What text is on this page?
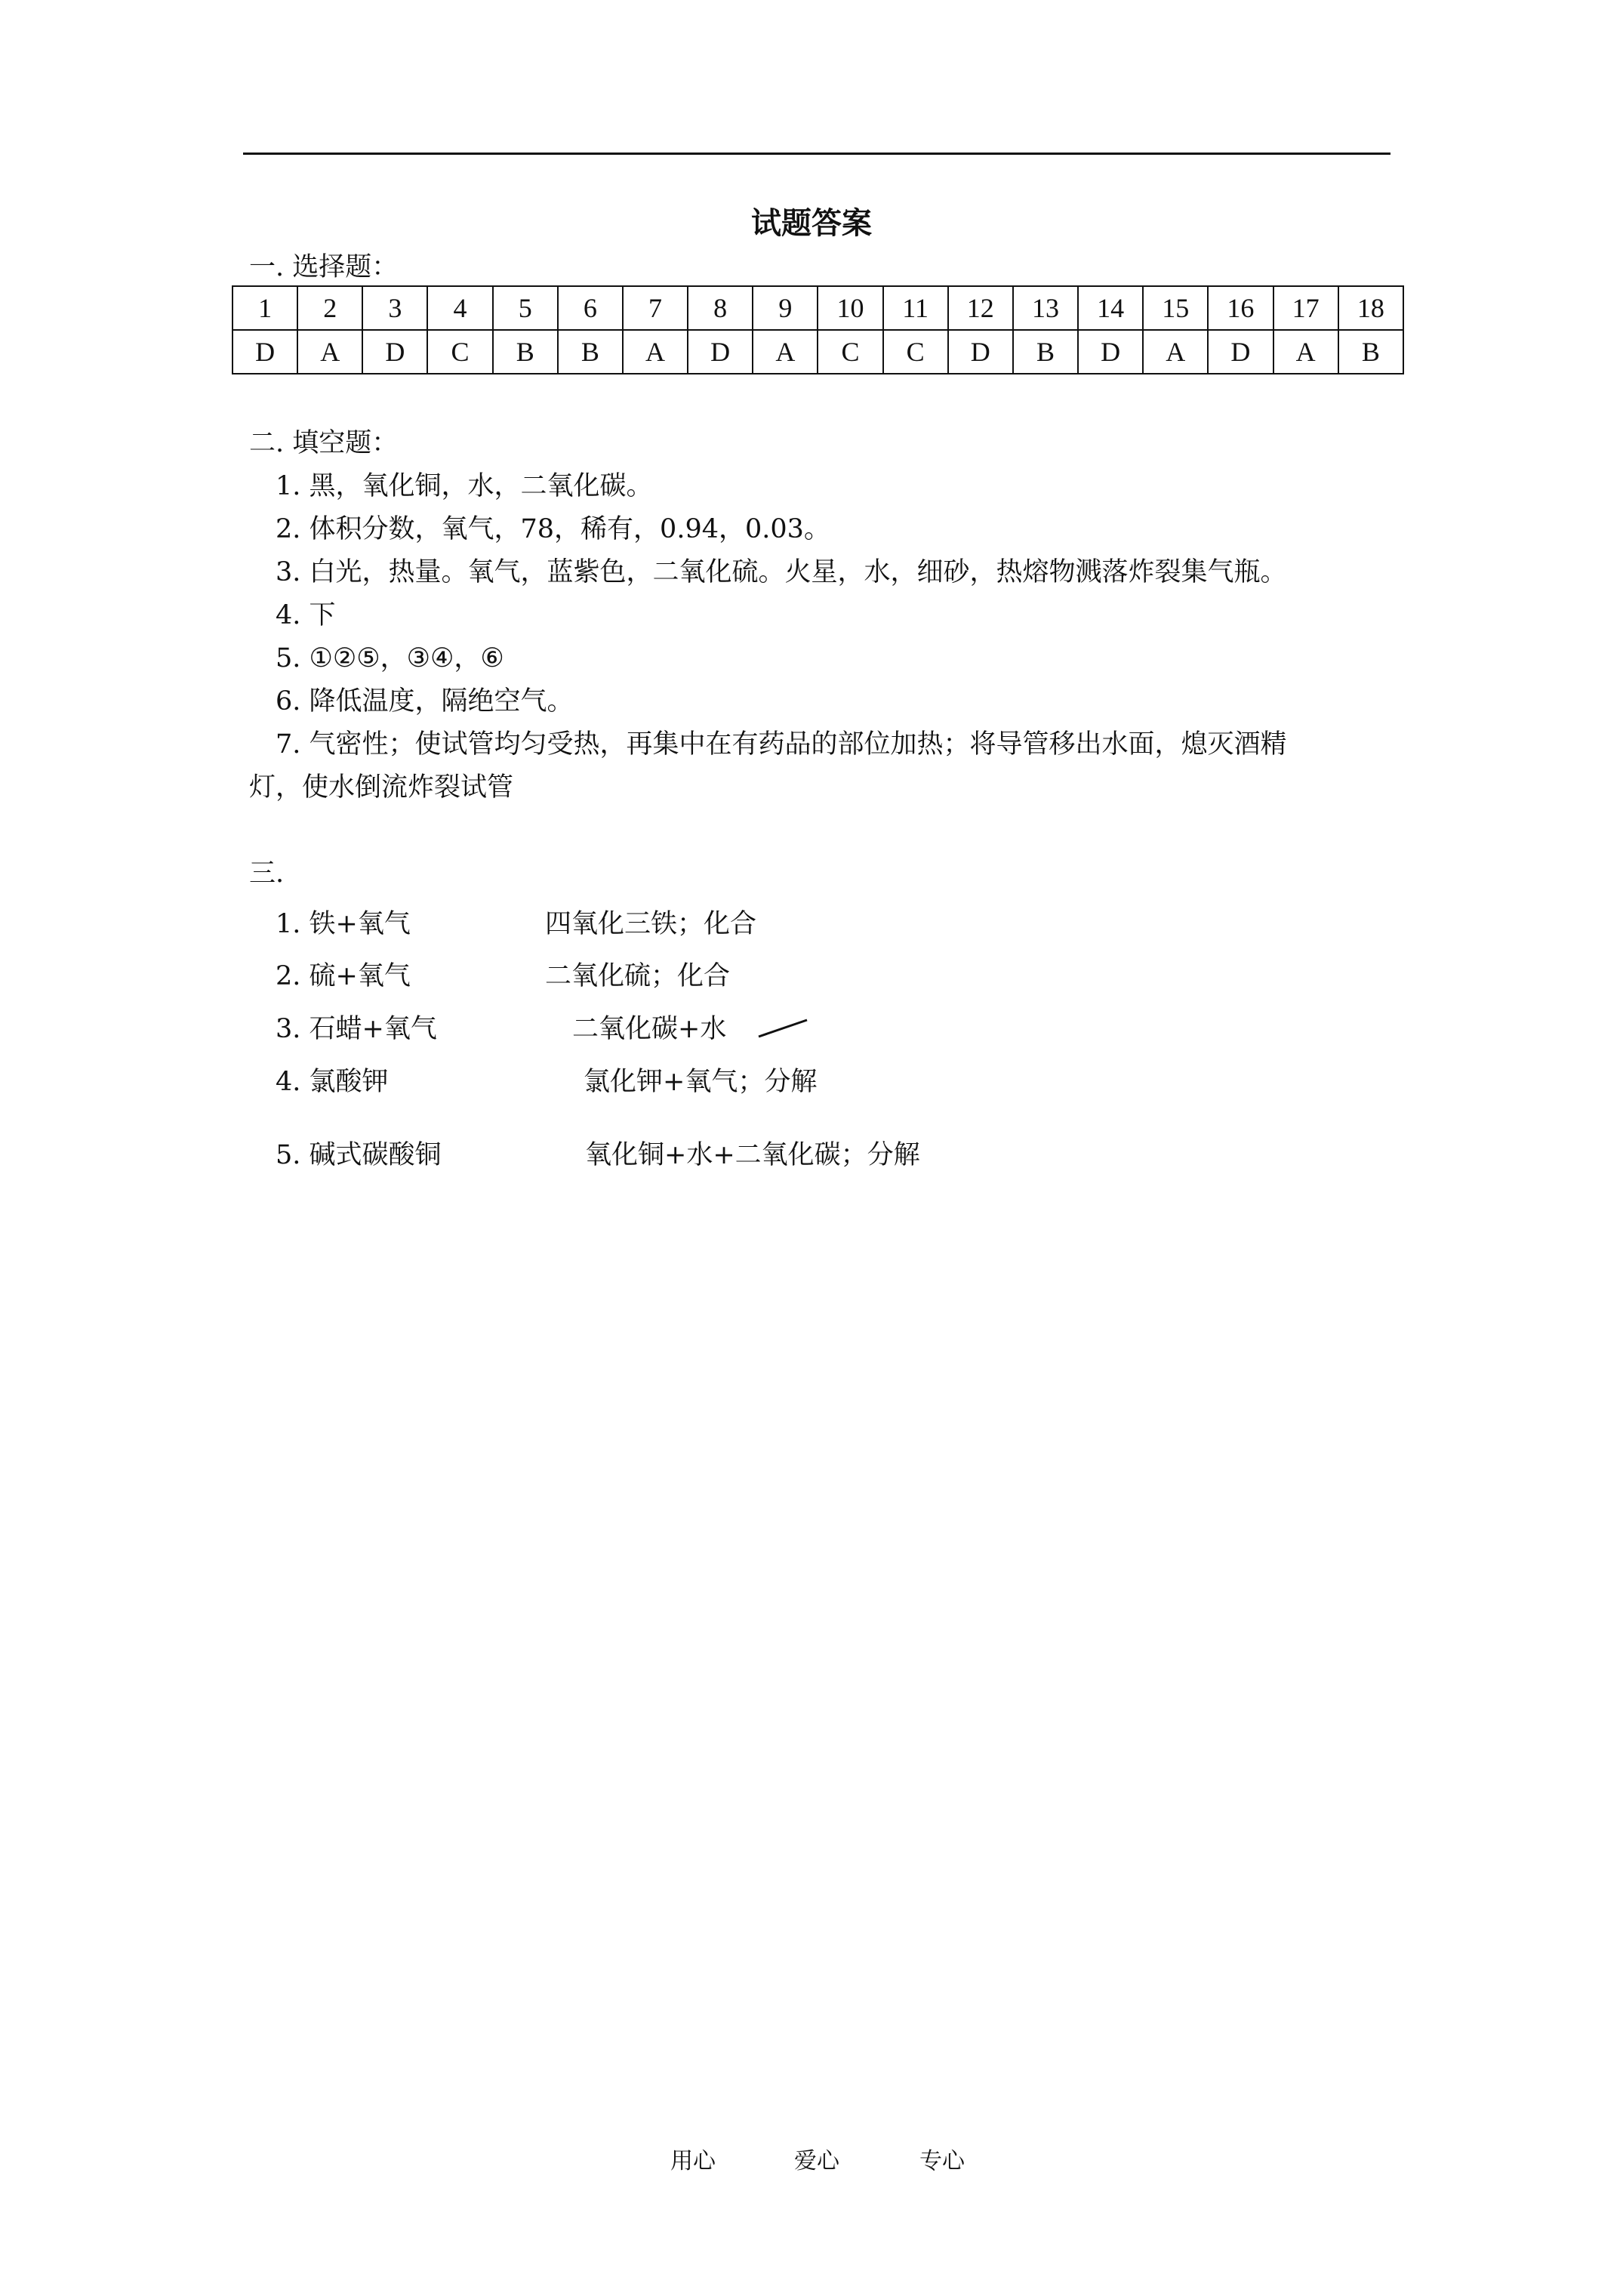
试题答案
一. 选择题：
1	2	3	4	5	6	7	8	9	10	11	12	13	14	15	16	17	18
D	A	D	C	B	B	A	D	A	C	C	D	B	D	A	D	A	B
二. 填空题：
1. 黑，氧化铜，水，二氧化碳。
2. 体积分数，氧气，78，稀有，0.94，0.03。
3. 白光，热量。氧气，蓝紫色，二氧化硫。火星，水，细砂，热熔物溅落炸裂集气瓶。
4. 下
5. ①②⑤，③④，⑥
6. 降低温度，隔绝空气。
7. 气密性；使试管均匀受热，再集中在有药品的部位加热；将导管移出水面，熄灭酒精
灯，使水倒流炸裂试管
三.
1. 铁+氧气	四氧化三铁；化合
2. 硫+氧气	二氧化硫；化合
3. 石蜡+氧气	二氧化碳+水
4. 氯酸钾	氯化钾+氧气；分解
5. 碱式碳酸铜	氧化铜+水+二氧化碳；分解
用心	爱心	专心
